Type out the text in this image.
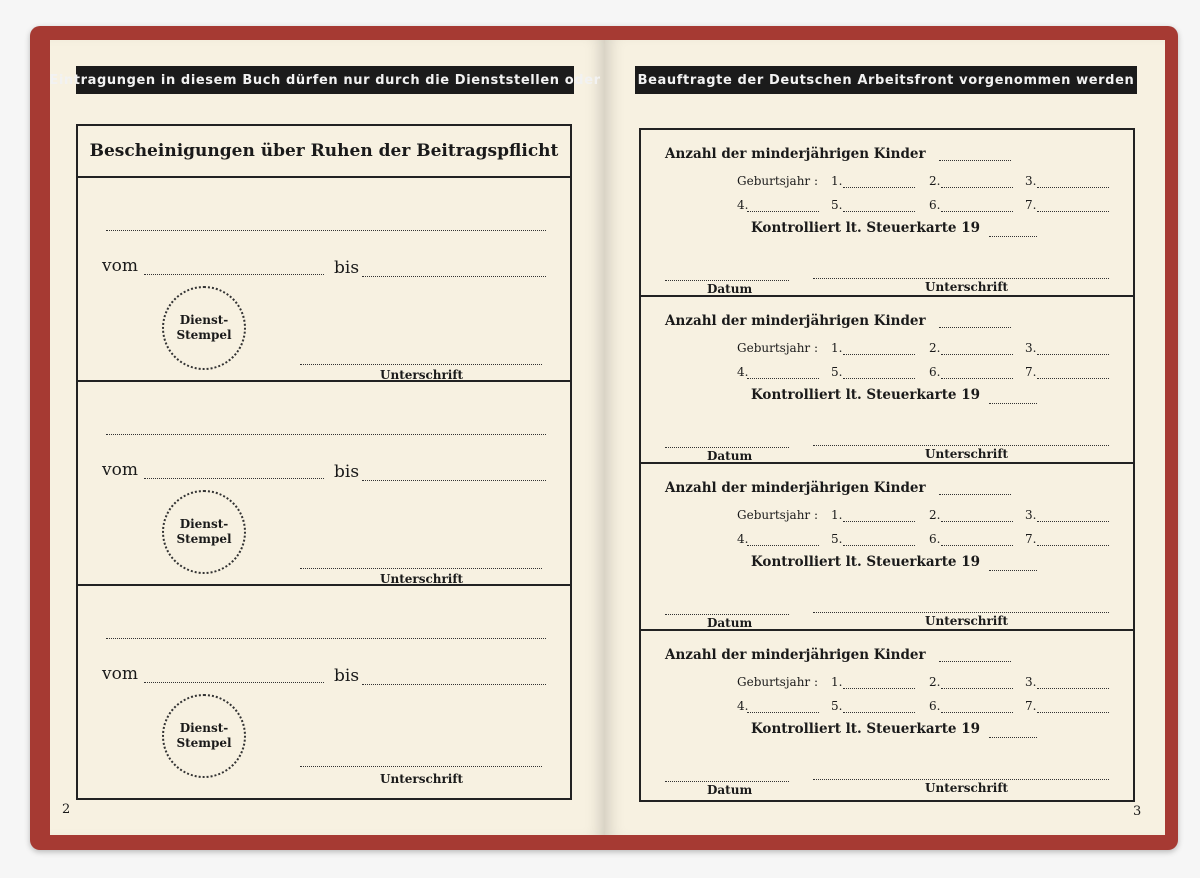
Eintragungen in diesem Buch dürfen nur durch die Dienststellen oder
Bescheinigungen über Ruhen der Beitragspflicht
vom	bis
Dienst-
Stempel
Unterschrift
vom	bis
Dienst-
Stempel
Unterschrift
vom	bis
Dienst-
Stempel
Unterschrift
2
Beauftragte der Deutschen Arbeitsfront vorgenommen werden
Anzahl der minderjährigen Kinder
Geburtsjahr : 1.	2.	3.
4.	5.	6.	7.
Kontrolliert lt. Steuerkarte 19
Datum	Unterschrift
Anzahl der minderjährigen Kinder
Geburtsjahr : 1.	2.	3.
4.	5.	6.	7.
Kontrolliert lt. Steuerkarte 19
Datum	Unterschrift
Anzahl der minderjährigen Kinder
Geburtsjahr : 1.	2.	3.
4.	5.	6.	7.
Kontrolliert lt. Steuerkarte 19
Datum	Unterschrift
Anzahl der minderjährigen Kinder
Geburtsjahr : 1.	2.	3.
4.	5.	6.	7.
Kontrolliert lt. Steuerkarte 19
Datum	Unterschrift
3
